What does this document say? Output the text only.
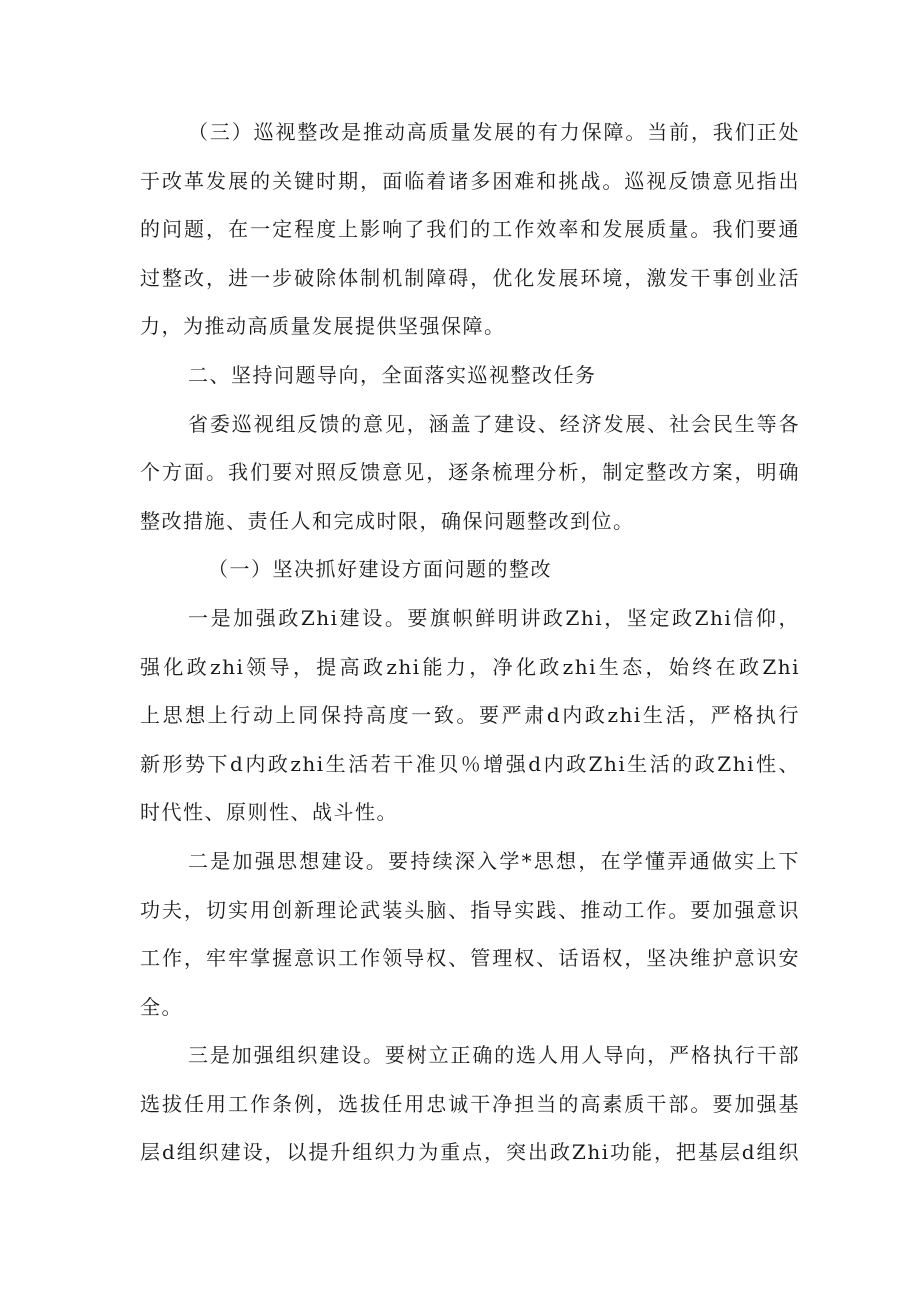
（三）巡视整改是推动高质量发展的有力保障。当前，我们正处
于改革发展的关键时期，面临着诸多困难和挑战。巡视反馈意见指出
的问题，在一定程度上影响了我们的工作效率和发展质量。我们要通
过整改，进一步破除体制机制障碍，优化发展环境，激发干事创业活
力，为推动高质量发展提供坚强保障。
二、坚持问题导向，全面落实巡视整改任务
省委巡视组反馈的意见，涵盖了建设、经济发展、社会民生等各
个方面。我们要对照反馈意见，逐条梳理分析，制定整改方案，明确
整改措施、责任人和完成时限，确保问题整改到位。
（一）坚决抓好建设方面问题的整改
一是加强政Zhi建设。要旗帜鲜明讲政Zhi，坚定政Zhi信仰，
强化政zhi领导，提高政zhi能力，净化政zhi生态，始终在政Zhi
上思想上行动上同保持高度一致。要严肃d内政zhi生活，严格执行
新形势下d内政zhi生活若干准贝％增强d内政Zhi生活的政Zhi性、
时代性、原则性、战斗性。
二是加强思想建设。要持续深入学*思想，在学懂弄通做实上下
功夫，切实用创新理论武装头脑、指导实践、推动工作。要加强意识
工作，牢牢掌握意识工作领导权、管理权、话语权，坚决维护意识安
全。
三是加强组织建设。要树立正确的选人用人导向，严格执行干部
选拔任用工作条例，选拔任用忠诚干净担当的高素质干部。要加强基
层d组织建设，以提升组织力为重点，突出政Zhi功能，把基层d组织
